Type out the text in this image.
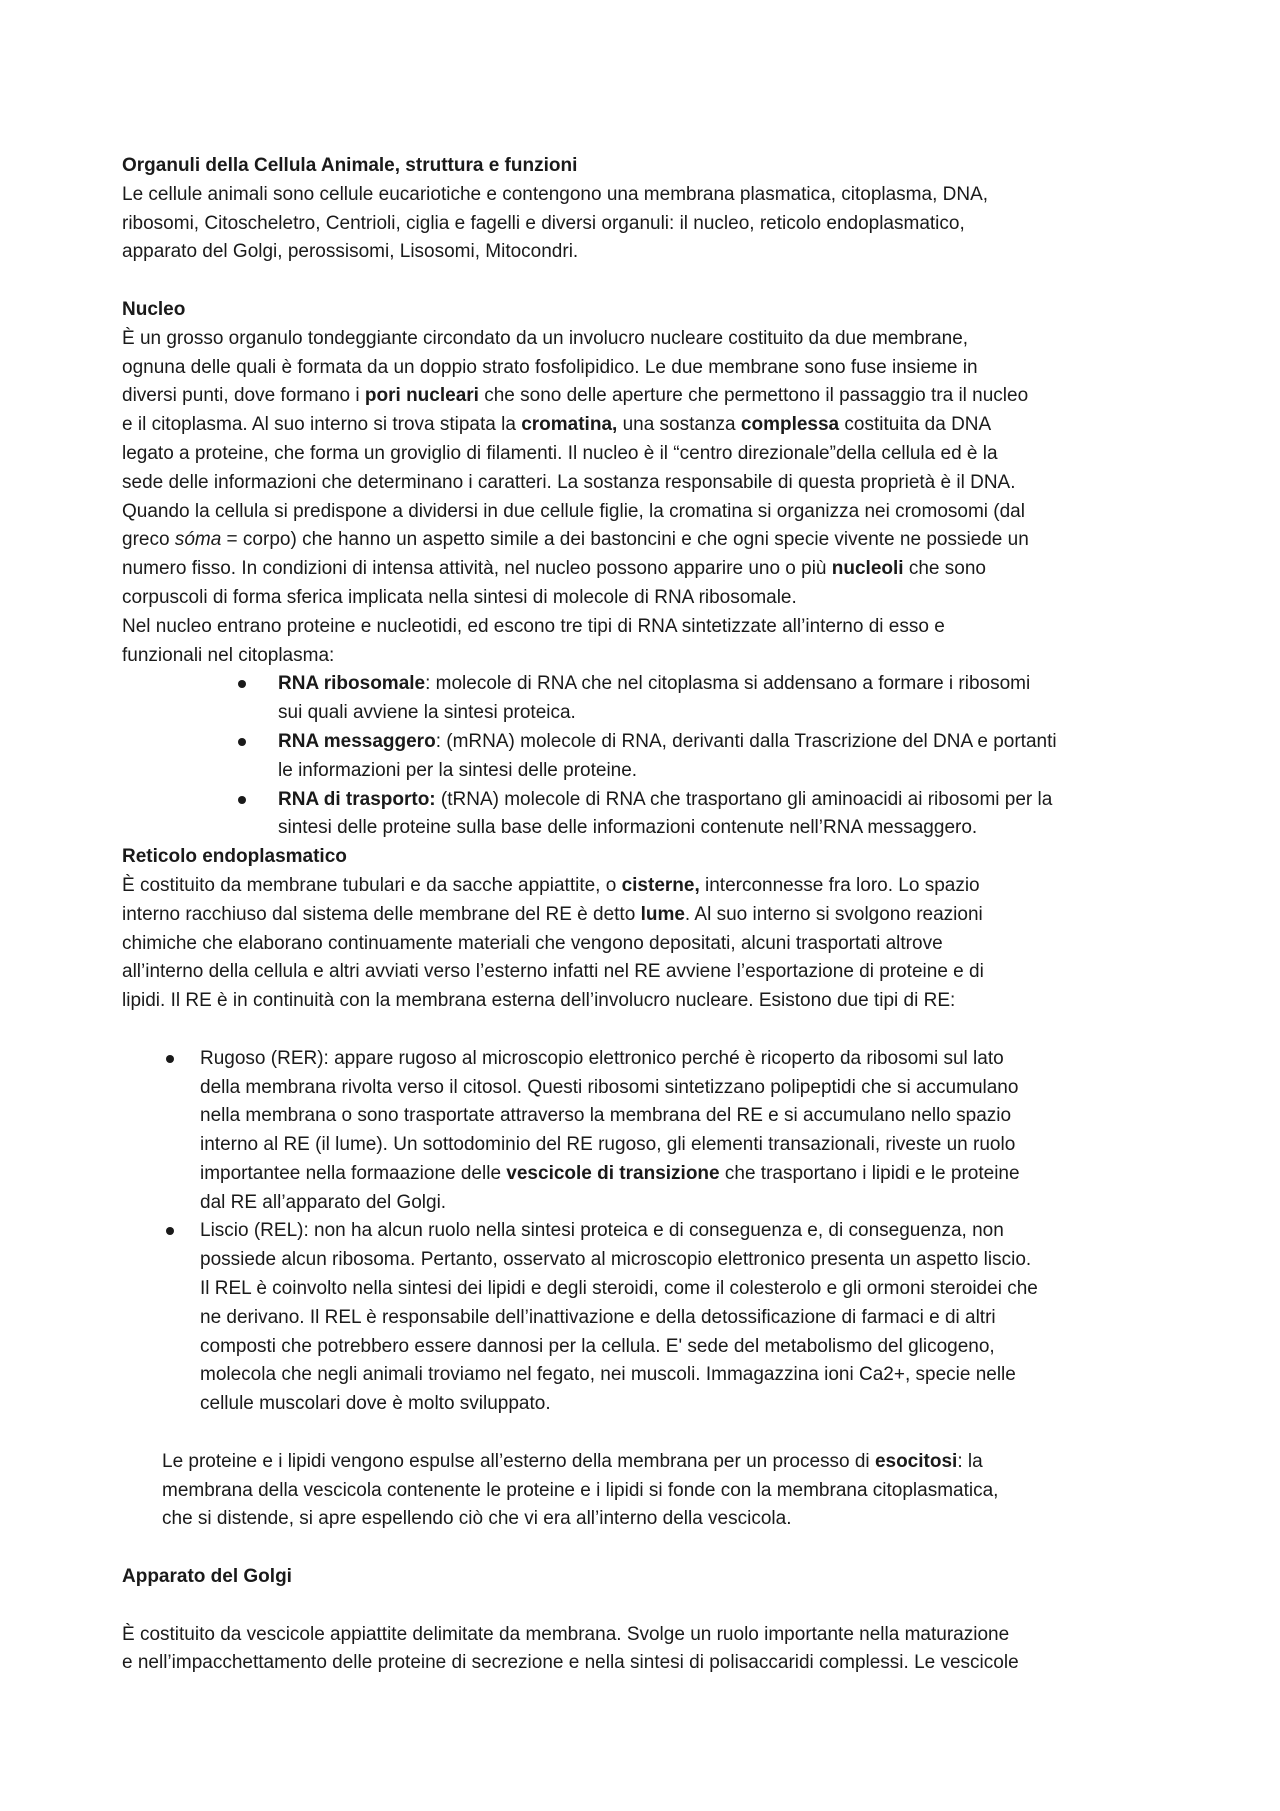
Organuli della Cellula Animale, struttura e funzioni
Le cellule animali sono cellule eucariotiche e contengono una membrana plasmatica, citoplasma, DNA,
ribosomi, Citoscheletro, Centrioli, ciglia e fagelli e diversi organuli: il nucleo, reticolo endoplasmatico,
apparato del Golgi, perossisomi, Lisosomi, Mitocondri.
Nucleo
È un grosso organulo tondeggiante circondato da un involucro nucleare costituito da due membrane,
ognuna delle quali è formata da un doppio strato fosfolipidico. Le due membrane sono fuse insieme in
diversi punti, dove formano i pori nucleari che sono delle aperture che permettono il passaggio tra il nucleo
e il citoplasma. Al suo interno si trova stipata la cromatina, una sostanza complessa costituita da DNA
legato a proteine, che forma un groviglio di filamenti. Il nucleo è il “centro direzionale”della cellula ed è la
sede delle informazioni che determinano i caratteri. La sostanza responsabile di questa proprietà è il DNA.
Quando la cellula si predispone a dividersi in due cellule figlie, la cromatina si organizza nei cromosomi (dal
greco sóma = corpo) che hanno un aspetto simile a dei bastoncini e che ogni specie vivente ne possiede un
numero fisso. In condizioni di intensa attività, nel nucleo possono apparire uno o più nucleoli che sono
corpuscoli di forma sferica implicata nella sintesi di molecole di RNA ribosomale.
Nel nucleo entrano proteine e nucleotidi, ed escono tre tipi di RNA sintetizzate all’interno di esso e
funzionali nel citoplasma:
RNA ribosomale: molecole di RNA che nel citoplasma si addensano a formare i ribosomi
sui quali avviene la sintesi proteica.
RNA messaggero: (mRNA) molecole di RNA, derivanti dalla Trascrizione del DNA e portanti
le informazioni per la sintesi delle proteine.
RNA di trasporto: (tRNA) molecole di RNA che trasportano gli aminoacidi ai ribosomi per la
sintesi delle proteine sulla base delle informazioni contenute nell’RNA messaggero.
Reticolo endoplasmatico
È costituito da membrane tubulari e da sacche appiattite, o cisterne, interconnesse fra loro. Lo spazio
interno racchiuso dal sistema delle membrane del RE è detto lume. Al suo interno si svolgono reazioni
chimiche che elaborano continuamente materiali che vengono depositati, alcuni trasportati altrove
all’interno della cellula e altri avviati verso l’esterno infatti nel RE avviene l’esportazione di proteine e di
lipidi. Il RE è in continuità con la membrana esterna dell’involucro nucleare. Esistono due tipi di RE:
Rugoso (RER): appare rugoso al microscopio elettronico perché è ricoperto da ribosomi sul lato
della membrana rivolta verso il citosol. Questi ribosomi sintetizzano polipeptidi che si accumulano
nella membrana o sono trasportate attraverso la membrana del RE e si accumulano nello spazio
interno al RE (il lume). Un sottodominio del RE rugoso, gli elementi transazionali, riveste un ruolo
importantee nella formaazione delle vescicole di transizione che trasportano i lipidi e le proteine
dal RE all’apparato del Golgi.
Liscio (REL): non ha alcun ruolo nella sintesi proteica e di conseguenza e, di conseguenza, non
possiede alcun ribosoma. Pertanto, osservato al microscopio elettronico presenta un aspetto liscio.
Il REL è coinvolto nella sintesi dei lipidi e degli steroidi, come il colesterolo e gli ormoni steroidei che
ne derivano. Il REL è responsabile dell’inattivazione e della detossificazione di farmaci e di altri
composti che potrebbero essere dannosi per la cellula. E' sede del metabolismo del glicogeno,
molecola che negli animali troviamo nel fegato, nei muscoli. Immagazzina ioni Ca2+, specie nelle
cellule muscolari dove è molto sviluppato.
Le proteine e i lipidi vengono espulse all’esterno della membrana per un processo di esocitosi: la
membrana della vescicola contenente le proteine e i lipidi si fonde con la membrana citoplasmatica,
che si distende, si apre espellendo ciò che vi era all’interno della vescicola.
Apparato del Golgi
È costituito da vescicole appiattite delimitate da membrana. Svolge un ruolo importante nella maturazione
e nell’impacchettamento delle proteine di secrezione e nella sintesi di polisaccaridi complessi. Le vescicole
